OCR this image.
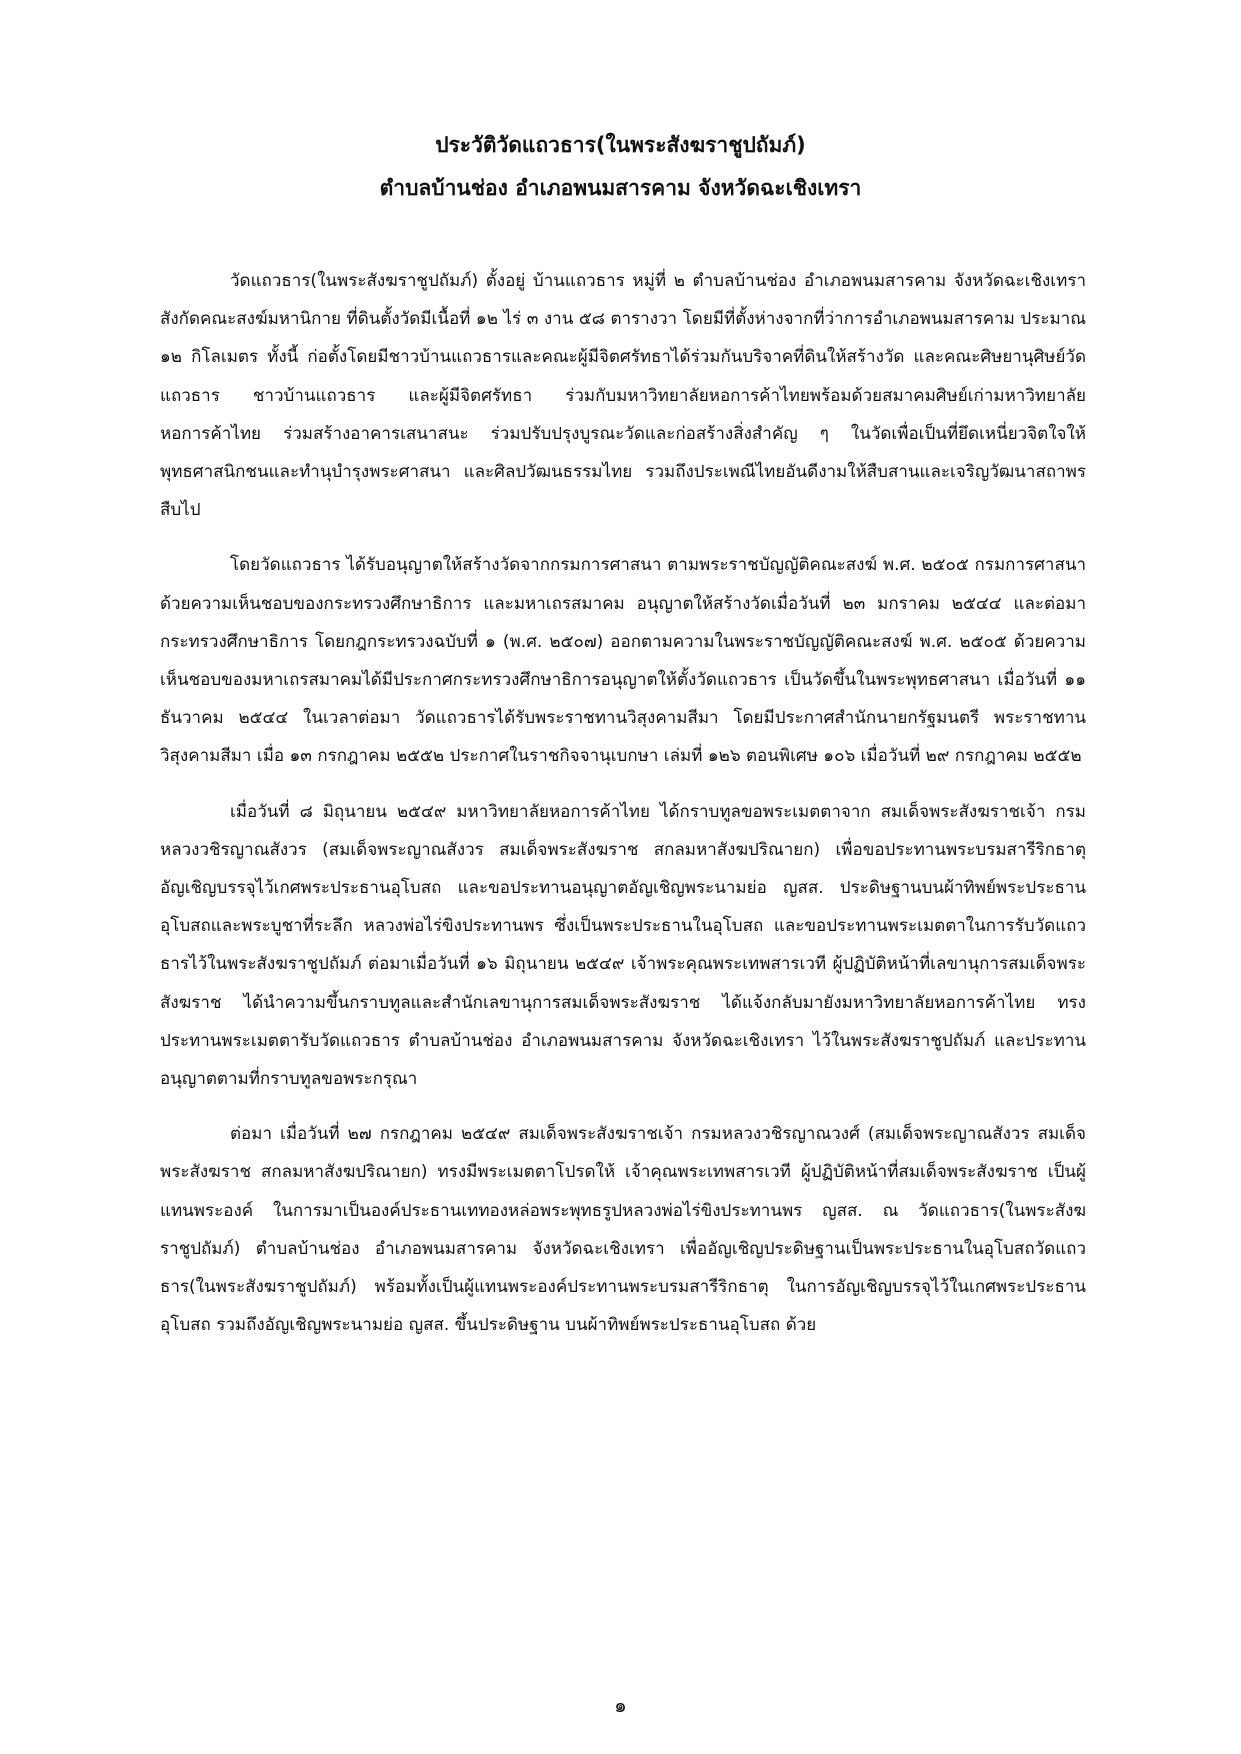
ประวัติวัดแถวธาร(ในพระสังฆราชูปถัมภ์)
ตำบลบ้านช่อง อำเภอพนมสารคาม จังหวัดฉะเชิงเทรา

วัดแถวธาร(ในพระสังฆราชูปถัมภ์) ตั้งอยู่ บ้านแถวธาร หมู่ที่ ๒ ตำบลบ้านช่อง อำเภอพนมสารคาม จังหวัดฉะเชิงเทรา สังกัดคณะสงฆ์มหานิกาย ที่ดินตั้งวัดมีเนื้อที่ ๑๒ ไร่ ๓ งาน ๕๘ ตารางวา โดยมีที่ตั้งห่างจากที่ว่าการอำเภอพนมสารคาม ประมาณ ๑๒ กิโลเมตร ทั้งนี้ ก่อตั้งโดยมีชาวบ้านแถวธารและคณะผู้มีจิตศรัทธาได้ร่วมกันบริจาคที่ดินให้สร้างวัด และคณะศิษยานุศิษย์วัดแถวธาร ชาวบ้านแถวธาร และผู้มีจิตศรัทธา ร่วมกับมหาวิทยาลัยหอการค้าไทยพร้อมด้วยสมาคมศิษย์เก่ามหาวิทยาลัยหอการค้าไทย ร่วมสร้างอาคารเสนาสนะ ร่วมปรับปรุงบูรณะวัดและก่อสร้างสิ่งสำคัญ ๆ ในวัดเพื่อเป็นที่ยึดเหนี่ยวจิตใจให้พุทธศาสนิกชนและทำนุบำรุงพระศาสนา และศิลปวัฒนธรรมไทย รวมถึงประเพณีไทยอันดีงามให้สืบสานและเจริญวัฒนาสถาพรสืบไป

โดยวัดแถวธาร ได้รับอนุญาตให้สร้างวัดจากกรมการศาสนา ตามพระราชบัญญัติคณะสงฆ์ พ.ศ. ๒๕๐๕ กรมการศาสนาด้วยความเห็นชอบของกระทรวงศึกษาธิการ และมหาเถรสมาคม อนุญาตให้สร้างวัดเมื่อวันที่ ๒๓ มกราคม ๒๕๔๔ และต่อมา กระทรวงศึกษาธิการ โดยกฎกระทรวงฉบับที่ ๑ (พ.ศ. ๒๕๐๗) ออกตามความในพระราชบัญญัติคณะสงฆ์ พ.ศ. ๒๕๐๕ ด้วยความเห็นชอบของมหาเถรสมาคมได้มีประกาศกระทรวงศึกษาธิการอนุญาตให้ตั้งวัดแถวธาร เป็นวัดขึ้นในพระพุทธศาสนา เมื่อวันที่ ๑๑ ธันวาคม ๒๕๔๔ ในเวลาต่อมา วัดแถวธารได้รับพระราชทานวิสุงคามสีมา โดยมีประกาศสำนักนายกรัฐมนตรี พระราชทานวิสุงคามสีมา เมื่อ ๑๓ กรกฎาคม ๒๕๕๒ ประกาศในราชกิจจานุเบกษา เล่มที่ ๑๒๖ ตอนพิเศษ ๑๐๖ เมื่อวันที่ ๒๙ กรกฎาคม ๒๕๕๒

เมื่อวันที่ ๘ มิถุนายน ๒๕๔๙ มหาวิทยาลัยหอการค้าไทย ได้กราบทูลขอพระเมตตาจาก สมเด็จพระสังฆราชเจ้า กรมหลวงวชิรญาณสังวร (สมเด็จพระญาณสังวร สมเด็จพระสังฆราช สกลมหาสังฆปริณายก) เพื่อขอประทานพระบรมสารีริกธาตุ อัญเชิญบรรจุไว้เกศพระประธานอุโบสถ และขอประทานอนุญาตอัญเชิญพระนามย่อ ญสส. ประดิษฐานบนผ้าทิพย์พระประธานอุโบสถและพระบูชาที่ระลึก หลวงพ่อไร่ขิงประทานพร ซึ่งเป็นพระประธานในอุโบสถ และขอประทานพระเมตตาในการรับวัดแถวธารไว้ในพระสังฆราชูปถัมภ์ ต่อมาเมื่อวันที่ ๑๖ มิถุนายน ๒๕๔๙ เจ้าพระคุณพระเทพสารเวที ผู้ปฏิบัติหน้าที่เลขานุการสมเด็จพระสังฆราช ได้นำความขึ้นกราบทูลและสำนักเลขานุการสมเด็จพระสังฆราช ได้แจ้งกลับมายังมหาวิทยาลัยหอการค้าไทย ทรงประทานพระเมตตารับวัดแถวธาร ตำบลบ้านช่อง อำเภอพนมสารคาม จังหวัดฉะเชิงเทรา ไว้ในพระสังฆราชูปถัมภ์ และประทานอนุญาตตามที่กราบทูลขอพระกรุณา

ต่อมา เมื่อวันที่ ๒๗ กรกฎาคม ๒๕๔๙ สมเด็จพระสังฆราชเจ้า กรมหลวงวชิรญาณวงศ์ (สมเด็จพระญาณสังวร สมเด็จพระสังฆราช สกลมหาสังฆปริณายก) ทรงมีพระเมตตาโปรดให้ เจ้าคุณพระเทพสารเวที ผู้ปฏิบัติหน้าที่สมเด็จพระสังฆราช เป็นผู้แทนพระองค์ ในการมาเป็นองค์ประธานเททองหล่อพระพุทธรูปหลวงพ่อไร่ขิงประทานพร ญสส. ณ วัดแถวธาร(ในพระสังฆราชูปถัมภ์) ตำบลบ้านช่อง อำเภอพนมสารคาม จังหวัดฉะเชิงเทรา เพื่ออัญเชิญประดิษฐานเป็นพระประธานในอุโบสถวัดแถวธาร(ในพระสังฆราชูปถัมภ์) พร้อมทั้งเป็นผู้แทนพระองค์ประทานพระบรมสารีริกธาตุ ในการอัญเชิญบรรจุไว้ในเกศพระประธานอุโบสถ รวมถึงอัญเชิญพระนามย่อ ญสส. ขึ้นประดิษฐาน บนผ้าทิพย์พระประธานอุโบสถ ด้วย

๑
